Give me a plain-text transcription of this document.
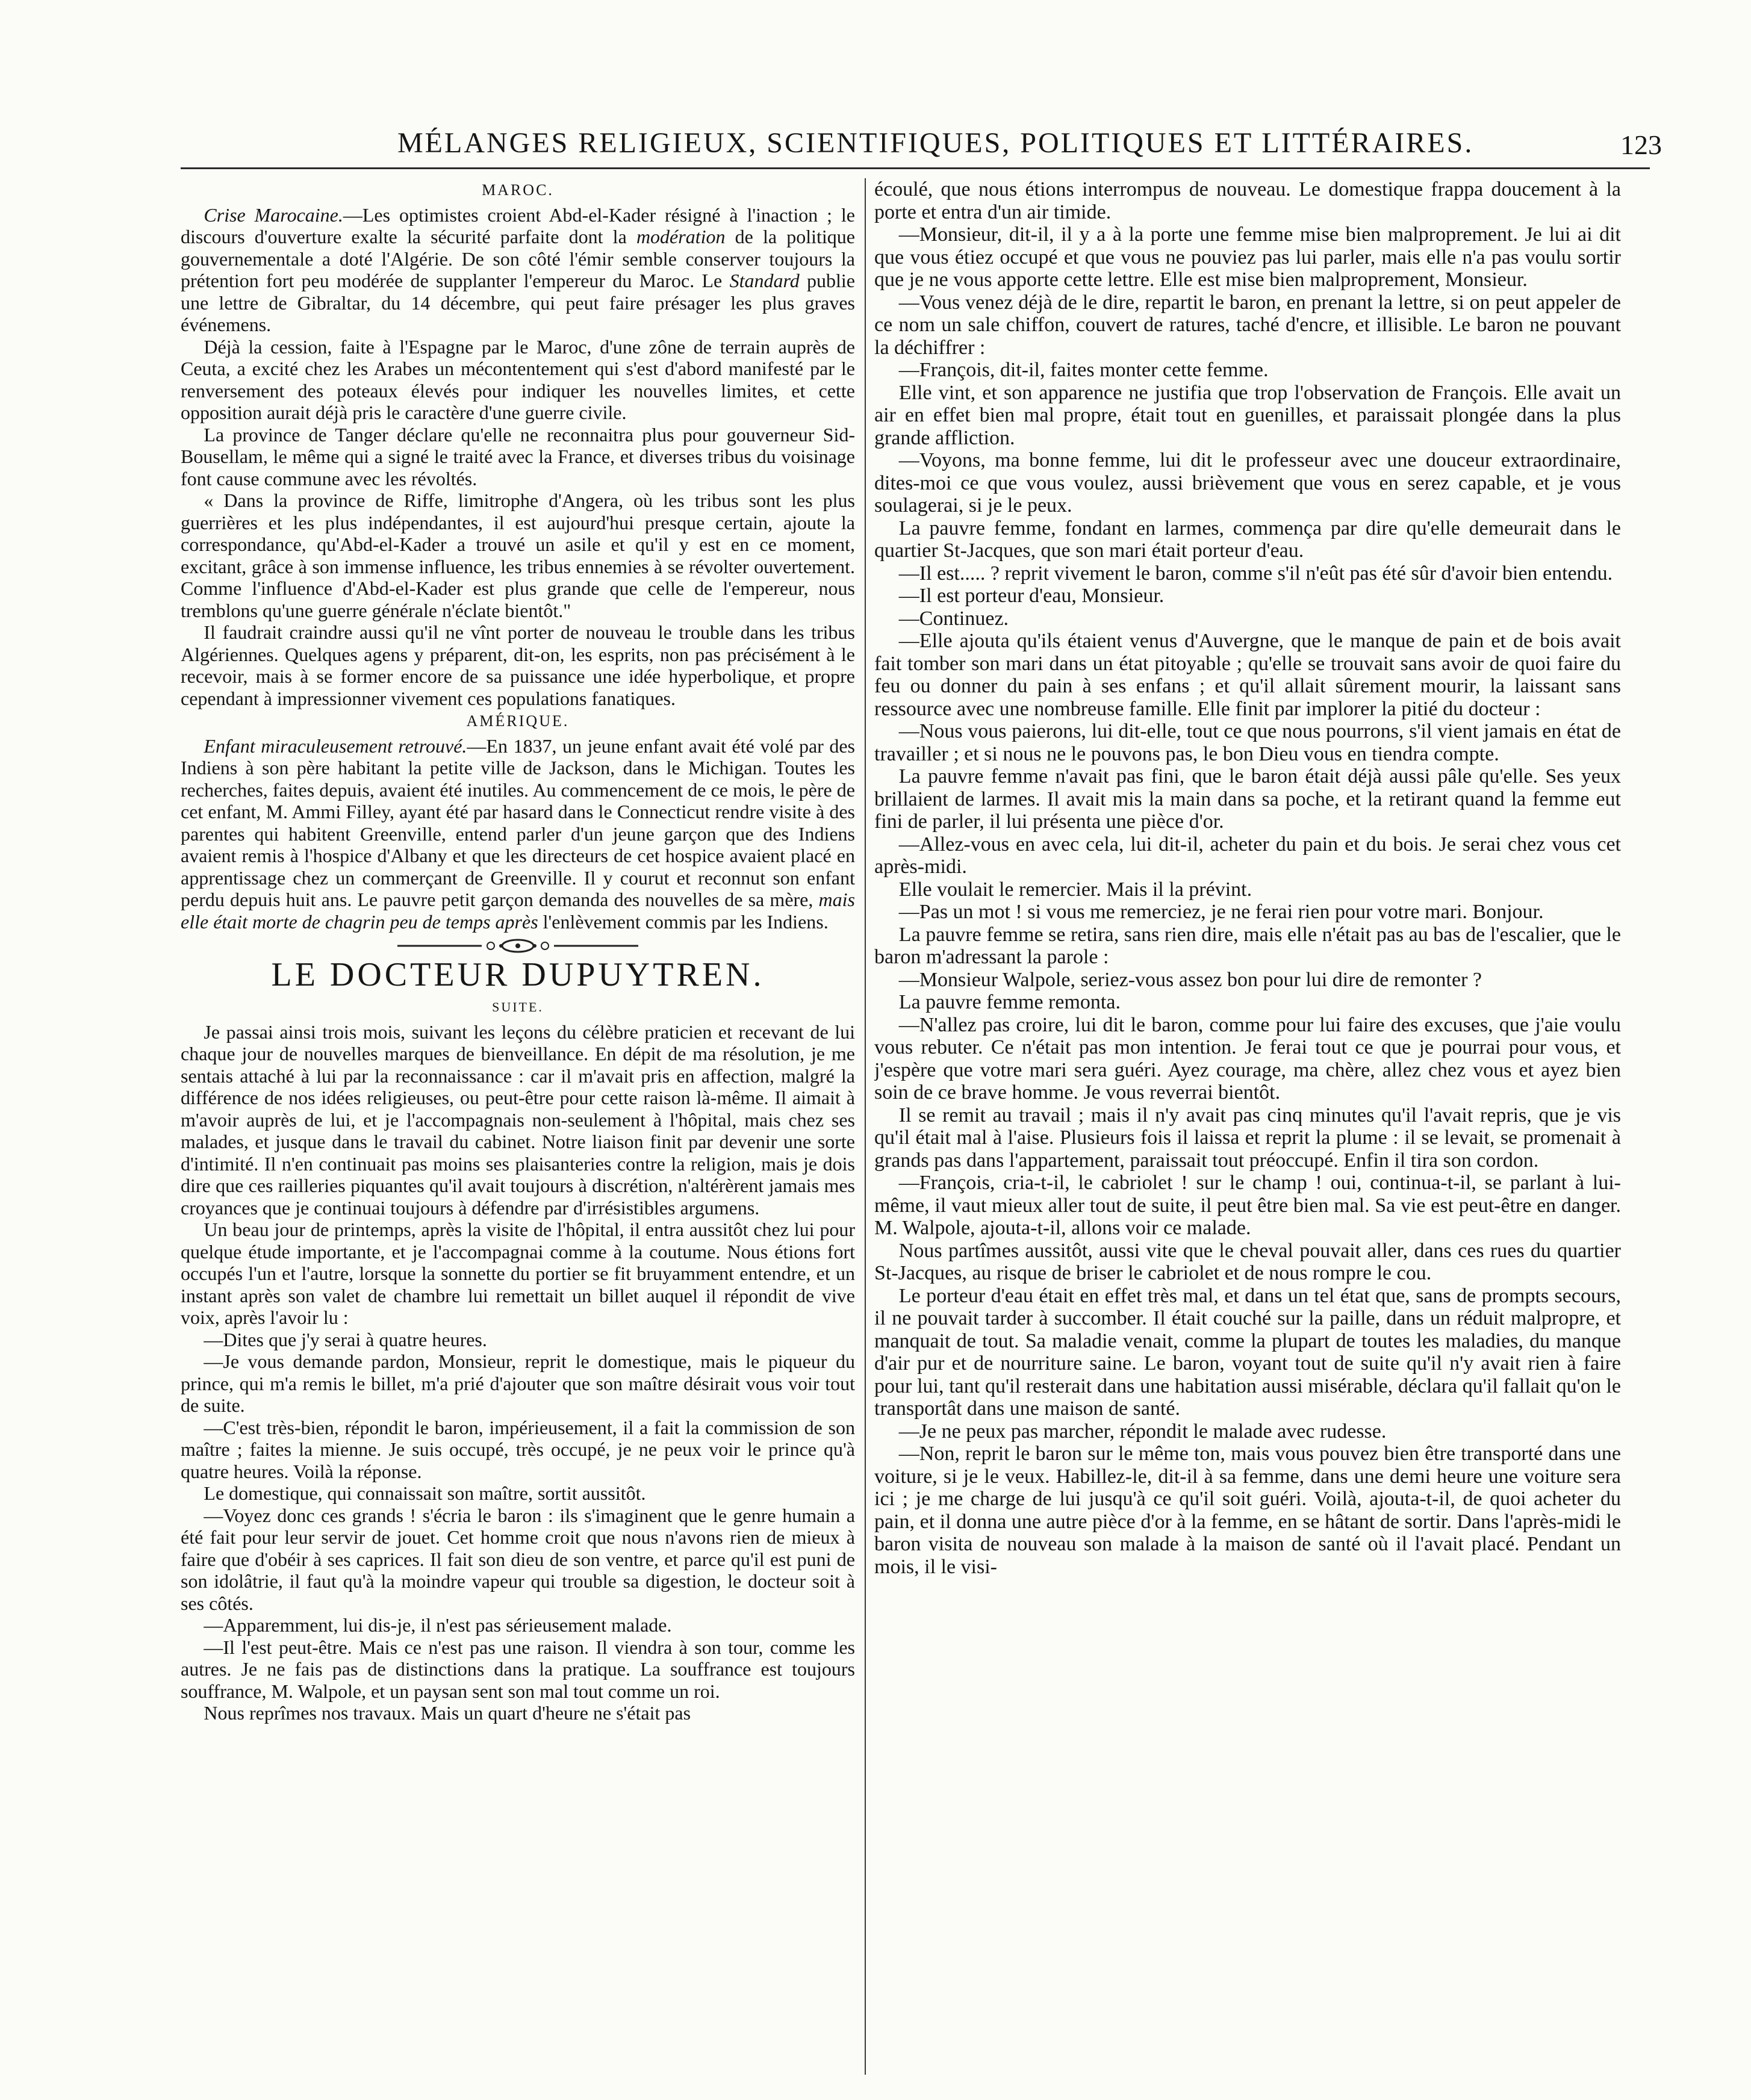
MÉLANGES RELIGIEUX, SCIENTIFIQUES, POLITIQUES ET LITTÉRAIRES.	123
MAROC.

Crise Marocaine.—Les optimistes croient Abd-el-Kader résigné à l'inaction ; le discours d'ouverture exalte la sécurité parfaite dont la modération de la politique gouvernementale a doté l'Algérie. De son côté l'émir semble conserver toujours la prétention fort peu modérée de supplanter l'empereur du Maroc. Le Standard publie une lettre de Gibraltar, du 14 décembre, qui peut faire présager les plus graves événemens.

Déjà la cession, faite à l'Espagne par le Maroc, d'une zône de terrain auprès de Ceuta, a excité chez les Arabes un mécontentement qui s'est d'abord manifesté par le renversement des poteaux élevés pour indiquer les nouvelles limites, et cette opposition aurait déjà pris le caractère d'une guerre civile.

La province de Tanger déclare qu'elle ne reconnaitra plus pour gouverneur Sid-Bousellam, le même qui a signé le traité avec la France, et diverses tribus du voisinage font cause commune avec les révoltés.

« Dans la province de Riffe, limitrophe d'Angera, où les tribus sont les plus guerrières et les plus indépendantes, il est aujourd'hui presque certain, ajoute la correspondance, qu'Abd-el-Kader a trouvé un asile et qu'il y est en ce moment, excitant, grâce à son immense influence, les tribus ennemies à se révolter ouvertement. Comme l'influence d'Abd-el-Kader est plus grande que celle de l'empereur, nous tremblons qu'une guerre générale n'éclate bientôt."

Il faudrait craindre aussi qu'il ne vînt porter de nouveau le trouble dans les tribus Algériennes. Quelques agens y préparent, dit-on, les esprits, non pas précisément à le recevoir, mais à se former encore de sa puissance une idée hyperbolique, et propre cependant à impressionner vivement ces populations fanatiques.

AMÉRIQUE.

Enfant miraculeusement retrouvé.—En 1837, un jeune enfant avait été volé par des Indiens à son père habitant la petite ville de Jackson, dans le Michigan. Toutes les recherches, faites depuis, avaient été inutiles. Au commencement de ce mois, le père de cet enfant, M. Ammi Filley, ayant été par hasard dans le Connecticut rendre visite à des parentes qui habitent Greenville, entend parler d'un jeune garçon que des Indiens avaient remis à l'hospice d'Albany et que les directeurs de cet hospice avaient placé en apprentissage chez un commerçant de Greenville. Il y courut et reconnut son enfant perdu depuis huit ans. Le pauvre petit garçon demanda des nouvelles de sa mère, mais elle était morte de chagrin peu de temps après l'enlèvement commis par les Indiens.

LE DOCTEUR DUPUYTREN.
SUITE.

Je passai ainsi trois mois, suivant les leçons du célèbre praticien et recevant de lui chaque jour de nouvelles marques de bienveillance. En dépit de ma résolution, je me sentais attaché à lui par la reconnaissance : car il m'avait pris en affection, malgré la différence de nos idées religieuses, ou peut-être pour cette raison là-même. Il aimait à m'avoir auprès de lui, et je l'accompagnais non-seulement à l'hôpital, mais chez ses malades, et jusque dans le travail du cabinet. Notre liaison finit par devenir une sorte d'intimité. Il n'en continuait pas moins ses plaisanteries contre la religion, mais je dois dire que ces railleries piquantes qu'il avait toujours à discrétion, n'altérèrent jamais mes croyances que je continuai toujours à défendre par d'irrésistibles argumens.

Un beau jour de printemps, après la visite de l'hôpital, il entra aussitôt chez lui pour quelque étude importante, et je l'accompagnai comme à la coutume. Nous étions fort occupés l'un et l'autre, lorsque la sonnette du portier se fit bruyamment entendre, et un instant après son valet de chambre lui remettait un billet auquel il répondit de vive voix, après l'avoir lu :

—Dites que j'y serai à quatre heures.

—Je vous demande pardon, Monsieur, reprit le domestique, mais le piqueur du prince, qui m'a remis le billet, m'a prié d'ajouter que son maître désirait vous voir tout de suite.

—C'est très-bien, répondit le baron, impérieusement, il a fait la commission de son maître ; faites la mienne. Je suis occupé, très occupé, je ne peux voir le prince qu'à quatre heures. Voilà la réponse.

Le domestique, qui connaissait son maître, sortit aussitôt.

—Voyez donc ces grands ! s'écria le baron : ils s'imaginent que le genre humain a été fait pour leur servir de jouet. Cet homme croit que nous n'avons rien de mieux à faire que d'obéir à ses caprices. Il fait son dieu de son ventre, et parce qu'il est puni de son idolâtrie, il faut qu'à la moindre vapeur qui trouble sa digestion, le docteur soit à ses côtés.

—Apparemment, lui dis-je, il n'est pas sérieusement malade.

—Il l'est peut-être. Mais ce n'est pas une raison. Il viendra à son tour, comme les autres. Je ne fais pas de distinctions dans la pratique. La souffrance est toujours souffrance, M. Walpole, et un paysan sent son mal tout comme un roi.

Nous reprîmes nos travaux. Mais un quart d'heure ne s'était pas

écoulé, que nous étions interrompus de nouveau. Le domestique frappa doucement à la porte et entra d'un air timide.

—Monsieur, dit-il, il y a à la porte une femme mise bien malproprement. Je lui ai dit que vous étiez occupé et que vous ne pouviez pas lui parler, mais elle n'a pas voulu sortir que je ne vous apporte cette lettre. Elle est mise bien malproprement, Monsieur.

—Vous venez déjà de le dire, repartit le baron, en prenant la lettre, si on peut appeler de ce nom un sale chiffon, couvert de ratures, taché d'encre, et illisible. Le baron ne pouvant la déchiffrer :

—François, dit-il, faites monter cette femme.

Elle vint, et son apparence ne justifia que trop l'observation de François. Elle avait un air en effet bien mal propre, était tout en guenilles, et paraissait plongée dans la plus grande affliction.

—Voyons, ma bonne femme, lui dit le professeur avec une douceur extraordinaire, dites-moi ce que vous voulez, aussi brièvement que vous en serez capable, et je vous soulagerai, si je le peux.

La pauvre femme, fondant en larmes, commença par dire qu'elle demeurait dans le quartier St-Jacques, que son mari était porteur d'eau.

—Il est..... ? reprit vivement le baron, comme s'il n'eût pas été sûr d'avoir bien entendu.

—Il est porteur d'eau, Monsieur.

—Continuez.

—Elle ajouta qu'ils étaient venus d'Auvergne, que le manque de pain et de bois avait fait tomber son mari dans un état pitoyable ; qu'elle se trouvait sans avoir de quoi faire du feu ou donner du pain à ses enfans ; et qu'il allait sûrement mourir, la laissant sans ressource avec une nombreuse famille. Elle finit par implorer la pitié du docteur :

—Nous vous paierons, lui dit-elle, tout ce que nous pourrons, s'il vient jamais en état de travailler ; et si nous ne le pouvons pas, le bon Dieu vous en tiendra compte.

La pauvre femme n'avait pas fini, que le baron était déjà aussi pâle qu'elle. Ses yeux brillaient de larmes. Il avait mis la main dans sa poche, et la retirant quand la femme eut fini de parler, il lui présenta une pièce d'or.

—Allez-vous en avec cela, lui dit-il, acheter du pain et du bois. Je serai chez vous cet après-midi.

Elle voulait le remercier. Mais il la prévint.

—Pas un mot ! si vous me remerciez, je ne ferai rien pour votre mari. Bonjour.

La pauvre femme se retira, sans rien dire, mais elle n'était pas au bas de l'escalier, que le baron m'adressant la parole :

—Monsieur Walpole, seriez-vous assez bon pour lui dire de remonter ?

La pauvre femme remonta.

—N'allez pas croire, lui dit le baron, comme pour lui faire des excuses, que j'aie voulu vous rebuter. Ce n'était pas mon intention. Je ferai tout ce que je pourrai pour vous, et j'espère que votre mari sera guéri. Ayez courage, ma chère, allez chez vous et ayez bien soin de ce brave homme. Je vous reverrai bientôt.

Il se remit au travail ; mais il n'y avait pas cinq minutes qu'il l'avait repris, que je vis qu'il était mal à l'aise. Plusieurs fois il laissa et reprit la plume : il se levait, se promenait à grands pas dans l'appartement, paraissait tout préoccupé. Enfin il tira son cordon.

—François, cria-t-il, le cabriolet ! sur le champ ! oui, continua-t-il, se parlant à lui-même, il vaut mieux aller tout de suite, il peut être bien mal. Sa vie est peut-être en danger. M. Walpole, ajouta-t-il, allons voir ce malade.

Nous partîmes aussitôt, aussi vite que le cheval pouvait aller, dans ces rues du quartier St-Jacques, au risque de briser le cabriolet et de nous rompre le cou.

Le porteur d'eau était en effet très mal, et dans un tel état que, sans de prompts secours, il ne pouvait tarder à succomber. Il était couché sur la paille, dans un réduit malpropre, et manquait de tout. Sa maladie venait, comme la plupart de toutes les maladies, du manque d'air pur et de nourriture saine. Le baron, voyant tout de suite qu'il n'y avait rien à faire pour lui, tant qu'il resterait dans une habitation aussi misérable, déclara qu'il fallait qu'on le transportât dans une maison de santé.

—Je ne peux pas marcher, répondit le malade avec rudesse.

—Non, reprit le baron sur le même ton, mais vous pouvez bien être transporté dans une voiture, si je le veux. Habillez-le, dit-il à sa femme, dans une demi heure une voiture sera ici ; je me charge de lui jusqu'à ce qu'il soit guéri. Voilà, ajouta-t-il, de quoi acheter du pain, et il donna une autre pièce d'or à la femme, en se hâtant de sortir. Dans l'après-midi le baron visita de nouveau son malade à la maison de santé où il l'avait placé. Pendant un mois, il le visi-
